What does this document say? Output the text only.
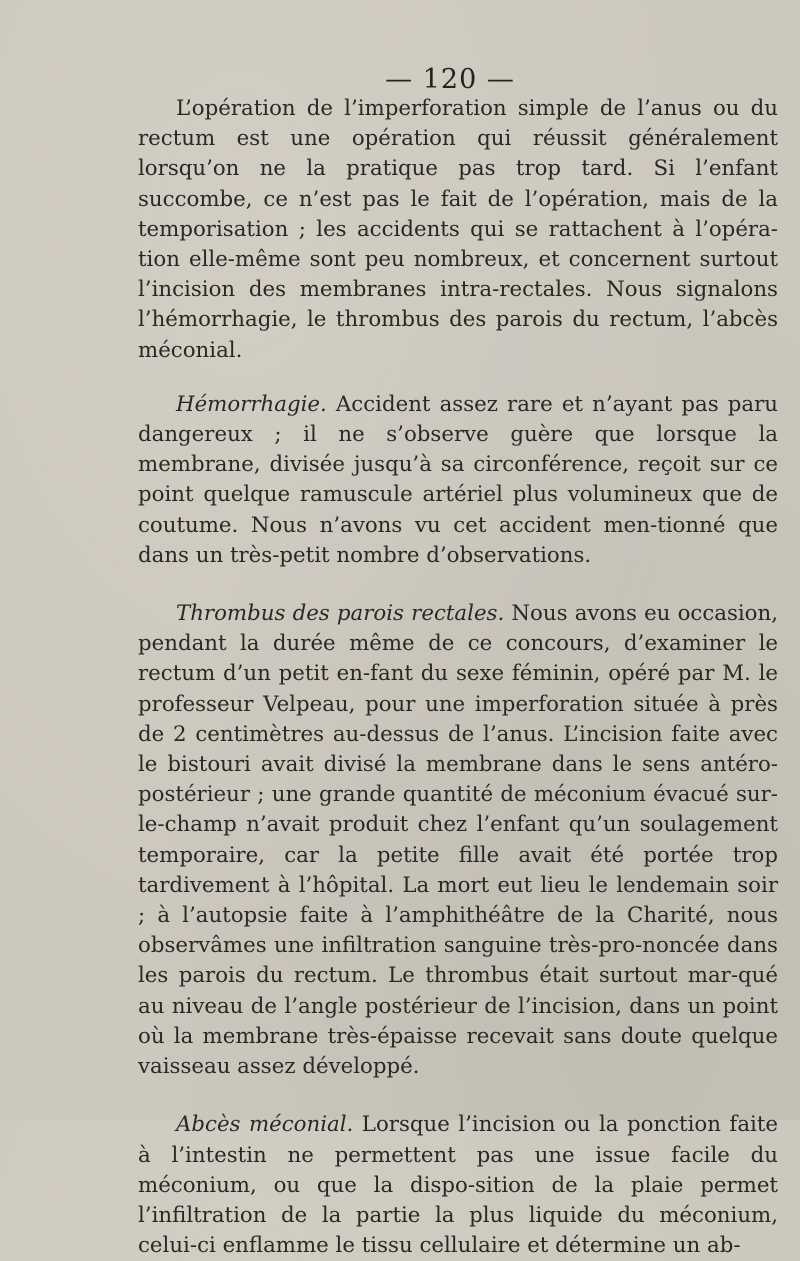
— 120 —

L’opération de l’imperforation simple de l’anus ou du rectum est une opération qui réussit généralement lorsqu’on ne la pratique pas trop tard. Si l’enfant succombe, ce n’est pas le fait de l’opération, mais de la temporisation ; les accidents qui se rattachent à l’opéra-tion elle-même sont peu nombreux, et concernent surtout l’incision des membranes intra-rectales. Nous signalons l’hémorrhagie, le thrombus des parois du rectum, l’abcès méconial.

Hémorrhagie. Accident assez rare et n’ayant pas paru dangereux ; il ne s’observe guère que lorsque la membrane, divisée jusqu’à sa circonférence, reçoit sur ce point quelque ramuscule artériel plus volumineux que de coutume. Nous n’avons vu cet accident men-tionné que dans un très-petit nombre d’observations.

Thrombus des parois rectales. Nous avons eu occasion, pendant la durée même de ce concours, d’examiner le rectum d’un petit en-fant du sexe féminin, opéré par M. le professeur Velpeau, pour une imperforation située à près de 2 centimètres au-dessus de l’anus. L’incision faite avec le bistouri avait divisé la membrane dans le sens antéro-postérieur ; une grande quantité de méconium évacué sur-le-champ n’avait produit chez l’enfant qu’un soulagement temporaire, car la petite fille avait été portée trop tardivement à l’hôpital. La mort eut lieu le lendemain soir ; à l’autopsie faite à l’amphithéâtre de la Charité, nous observâmes une infiltration sanguine très-pro-noncée dans les parois du rectum. Le thrombus était surtout mar-qué au niveau de l’angle postérieur de l’incision, dans un point où la membrane très-épaisse recevait sans doute quelque vaisseau assez développé.

Abcès méconial. Lorsque l’incision ou la ponction faite à l’intestin ne permettent pas une issue facile du méconium, ou que la dispo-sition de la plaie permet l’infiltration de la partie la plus liquide du méconium, celui-ci enflamme le tissu cellulaire et détermine un ab-
